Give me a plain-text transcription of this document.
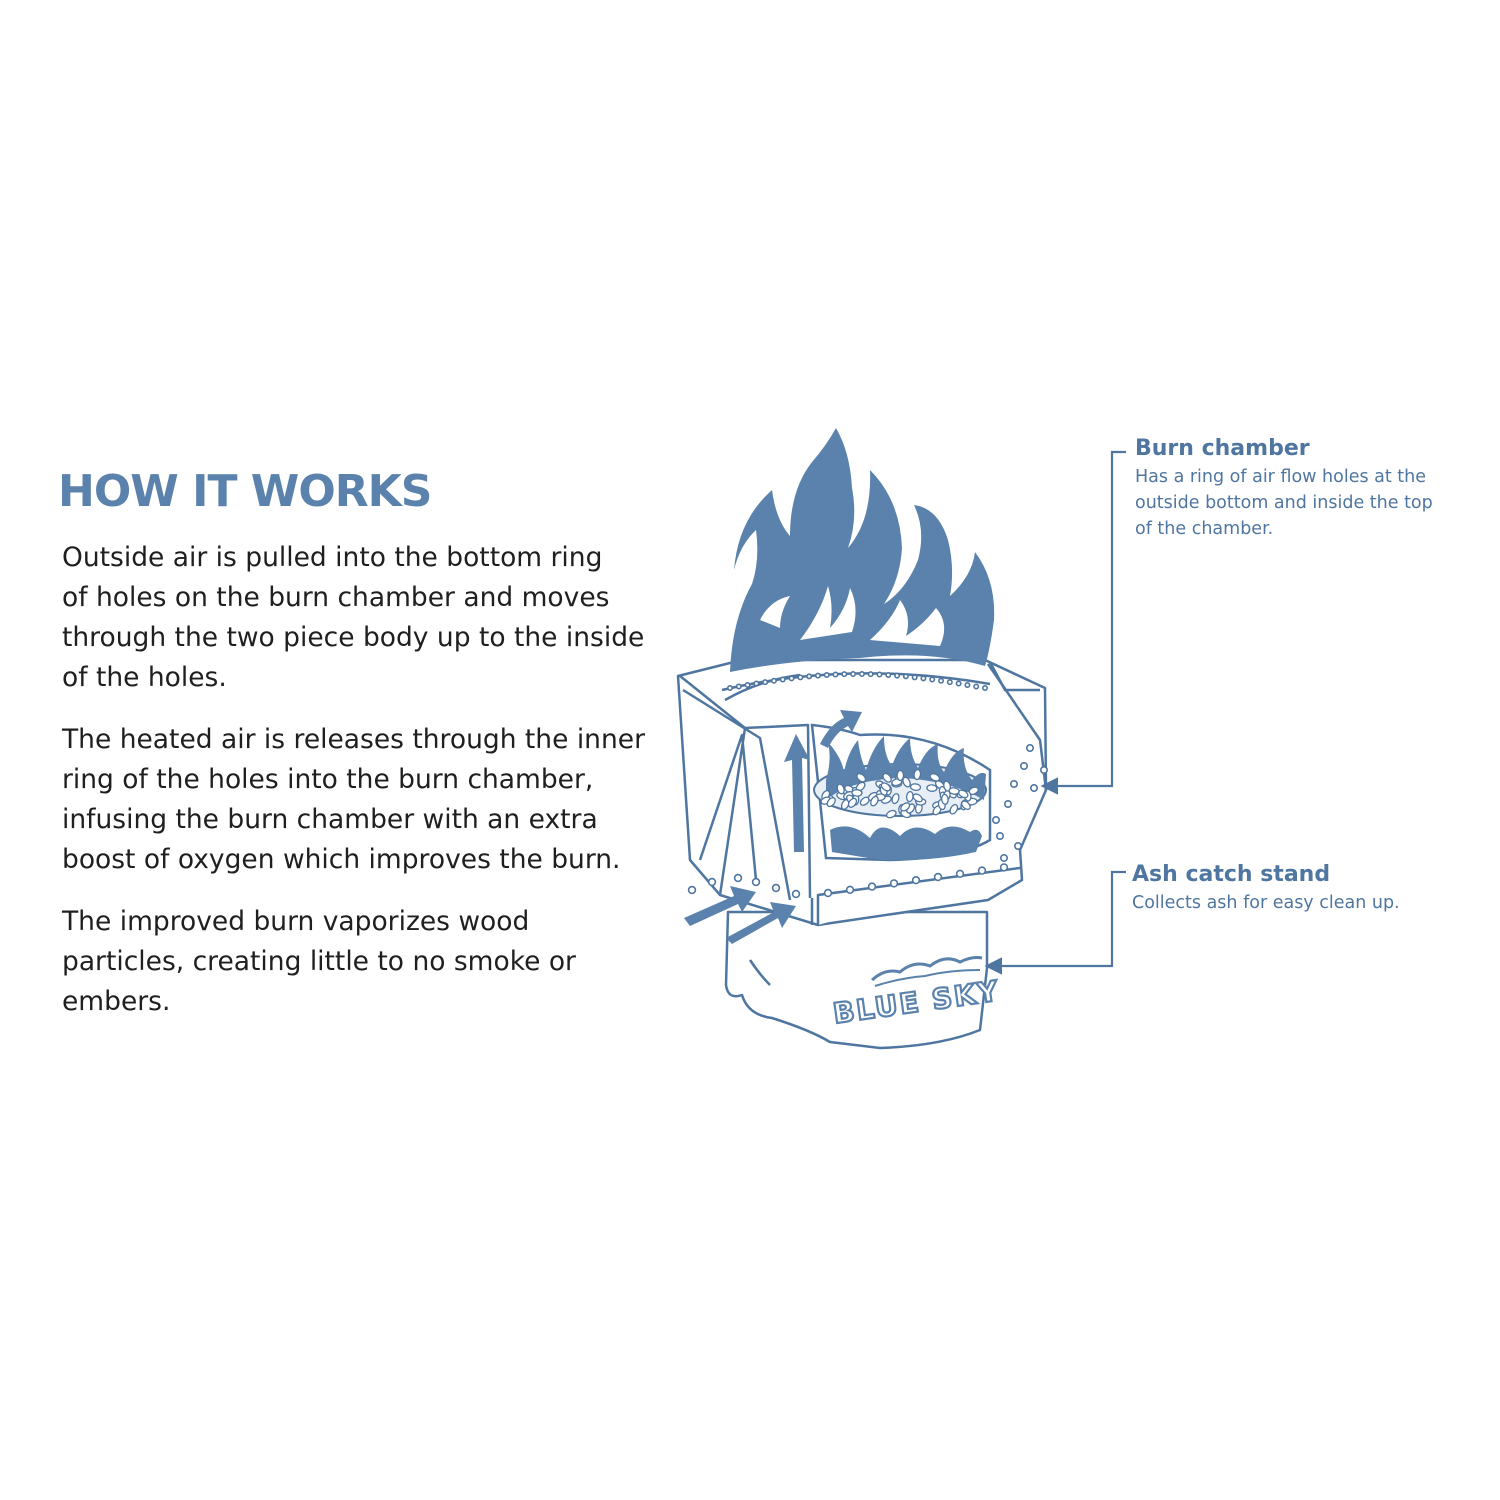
HOW IT WORKS

Outside air is pulled into the bottom ring
of holes on the burn chamber and moves
through the two piece body up to the inside
of the holes.

The heated air is releases through the inner
ring of the holes into the burn chamber,
infusing the burn chamber with an extra
boost of oxygen which improves the burn.

The improved burn vaporizes wood
particles, creating little to no smoke or
embers.	BLUE SKY
Burn chamber

Has a ring of air flow holes at the
outside bottom and inside the top
of the chamber.

Ash catch stand

Collects ash for easy clean up.
